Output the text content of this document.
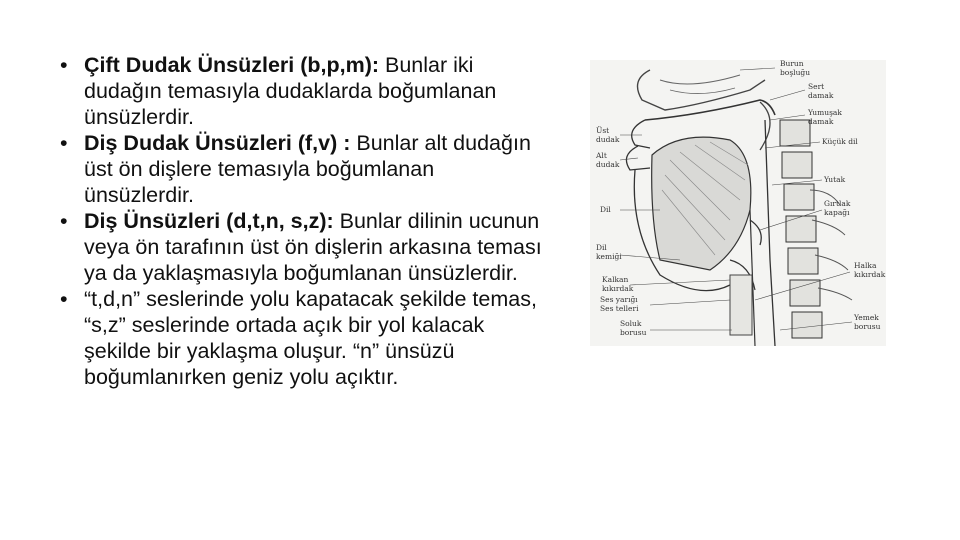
• Çift Dudak Ünsüzleri (b,p,m): Bunlar iki dudağın temasıyla dudaklarda boğumlanan ünsüzlerdir.
• Diş Dudak Ünsüzleri (f,v) : Bunlar alt dudağın üst ön dişlere temasıyla boğumlanan ünsüzlerdir.
• Diş Ünsüzleri (d,t,n, s,z): Bunlar dilinin ucunun veya ön tarafının üst ön dişlerin arkasına teması ya da yaklaşmasıyla boğumlanan ünsüzlerdir.
• “t,d,n” seslerinde yolu kapatacak şekilde temas, “s,z” seslerinde ortada açık bir yol kalacak şekilde bir yaklaşma oluşur. “n” ünsüzü boğumlanırken geniz yolu açıktır.
Burun
boşluğu
Sert
damak
Üst
dudak
Yumuşak
damak
Alt
dudak
Küçük dil
Yutak
Dil
Gırtlak
kapağı
Dil
kemiği
Kalkan
kıkırdak
Halka
kıkırdak
Ses yarığı
Ses telleri
Yemek
borusu
Soluk
borusu
